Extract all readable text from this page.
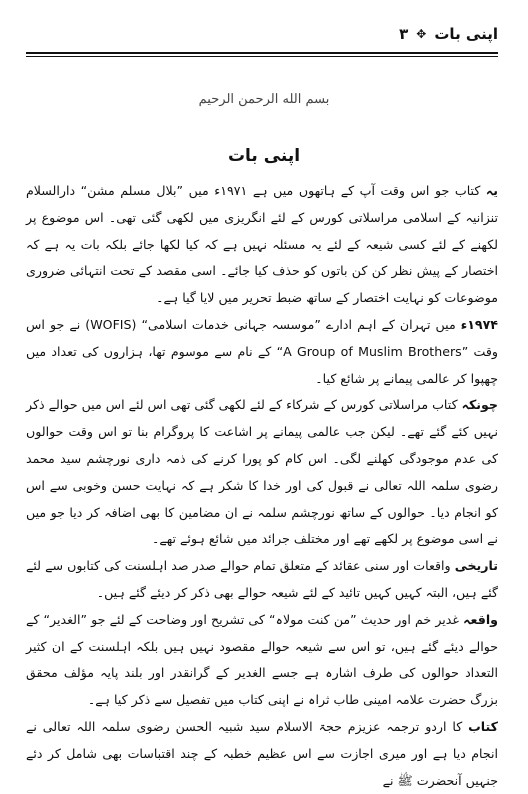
اپنی بات
✥
۳
بسم الله الرحمن الرحيم
اپنی بات

یہ کتاب جو اس وقت آپ کے ہاتھوں میں ہے ۱۹۷۱ء میں ”بلال مسلم مشن“ دارالسلام تنزانیہ کے اسلامی مراسلاتی کورس کے لئے انگریزی میں لکھی گئی تھی۔ اس موضوع پر لکھنے کے لئے کسی شیعہ کے لئے یہ مسئلہ نہیں ہے کہ کیا لکھا جائے بلکہ بات یہ ہے کہ اختصار کے پیش نظر کن کن باتوں کو حذف کیا جائے۔ اسی مقصد کے تحت انتہائی ضروری موضوعات کو نہایت اختصار کے ساتھ ضبط تحریر میں لایا گیا ہے۔

۱۹۷۴ء میں تہران کے اہم ادارے ”موسسہ جہانی خدمات اسلامی“ (WOFIS) نے جو اس وقت ”A Group of Muslim Brothers“ کے نام سے موسوم تھا، ہزاروں کی تعداد میں چھپوا کر عالمی پیمانے پر شائع کیا۔

چونکہ کتاب مراسلاتی کورس کے شرکاء کے لئے لکھی گئی تھی اس لئے اس میں حوالے ذکر نہیں کئے گئے تھے۔ لیکن جب عالمی پیمانے پر اشاعت کا پروگرام بنا تو اس وقت حوالوں کی عدم موجودگی کھلنے لگی۔ اس کام کو پورا کرنے کی ذمہ داری نورچشم سید محمد رضوی سلمہ اللہ تعالی نے قبول کی اور خدا کا شکر ہے کہ نہایت حسن وخوبی سے اس کو انجام دیا۔ حوالوں کے ساتھ نورچشم سلمہ نے ان مضامین کا بھی اضافہ کر دیا جو میں نے اسی موضوع پر لکھے تھے اور مختلف جرائد میں شائع ہوئے تھے۔

تاریخی واقعات اور سنی عقائد کے متعلق تمام حوالے صدر صد اہلسنت کی کتابوں سے لئے گئے ہیں، البتہ کہیں کہیں تائید کے لئے شیعہ حوالے بھی ذکر کر دیئے گئے ہیں۔

واقعہ غدیر خم اور حدیث ”من کنت مولاہ“ کی تشریح اور وضاحت کے لئے جو ”الغدیر“ کے حوالے دیئے گئے ہیں، تو اس سے شیعہ حوالے مقصود نہیں ہیں بلکہ اہلسنت کے ان کثیر التعداد حوالوں کی طرف اشارہ ہے جسے الغدیر کے گرانقدر اور بلند پایہ مؤلف محقق بزرگ حضرت علامہ امینی طاب ثراہ نے اپنی کتاب میں تفصیل سے ذکر کیا ہے۔

کتاب کا اردو ترجمہ عزیزم حجۃ الاسلام سید شبیہ الحسن رضوی سلمہ اللہ تعالی نے انجام دیا ہے اور میری اجازت سے اس عظیم خطبہ کے چند اقتباسات بھی شامل کر دئے جنہیں آنحضرت ﷺ نے
